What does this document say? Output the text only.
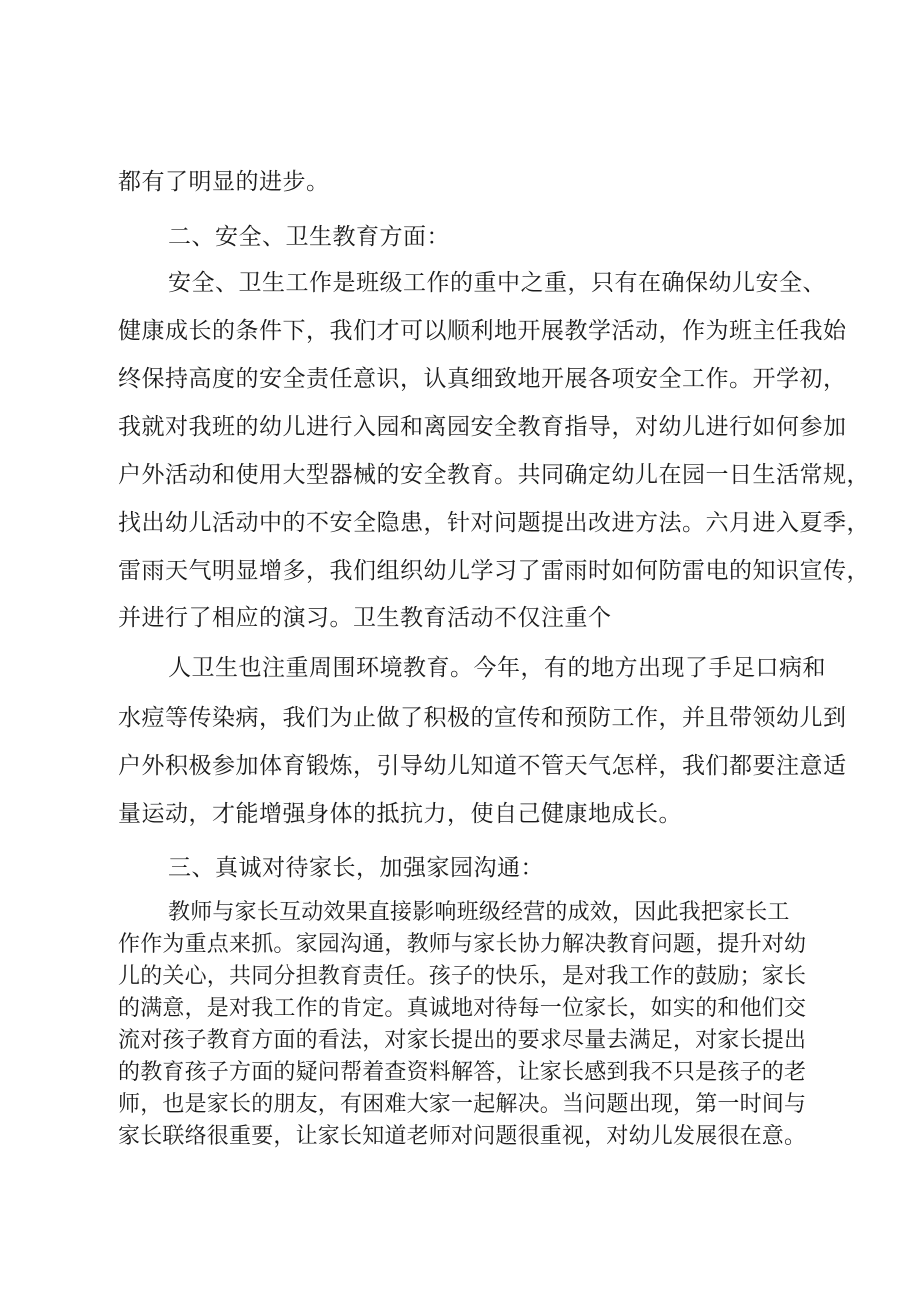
都有了明显的进步。
二、安全、卫生教育方面：
安全、卫生工作是班级工作的重中之重，只有在确保幼儿安全、
健康成长的条件下，我们才可以顺利地开展教学活动，作为班主任我始
终保持高度的安全责任意识，认真细致地开展各项安全工作。开学初，
我就对我班的幼儿进行入园和离园安全教育指导，对幼儿进行如何参加
户外活动和使用大型器械的安全教育。共同确定幼儿在园一日生活常规，
找出幼儿活动中的不安全隐患，针对问题提出改进方法。六月进入夏季，
雷雨天气明显增多，我们组织幼儿学习了雷雨时如何防雷电的知识宣传，
并进行了相应的演习。卫生教育活动不仅注重个
人卫生也注重周围环境教育。今年，有的地方出现了手足口病和
水痘等传染病，我们为止做了积极的宣传和预防工作，并且带领幼儿到
户外积极参加体育锻炼，引导幼儿知道不管天气怎样，我们都要注意适
量运动，才能增强身体的抵抗力，使自己健康地成长。
三、真诚对待家长，加强家园沟通：
教师与家长互动效果直接影响班级经营的成效，因此我把家长工
作作为重点来抓。家园沟通，教师与家长协力解决教育问题，提升对幼
儿的关心，共同分担教育责任。孩子的快乐，是对我工作的鼓励；家长
的满意，是对我工作的肯定。真诚地对待每一位家长，如实的和他们交
流对孩子教育方面的看法，对家长提出的要求尽量去满足，对家长提出
的教育孩子方面的疑问帮着查资料解答，让家长感到我不只是孩子的老
师，也是家长的朋友，有困难大家一起解决。当问题出现，第一时间与
家长联络很重要，让家长知道老师对问题很重视，对幼儿发展很在意。
